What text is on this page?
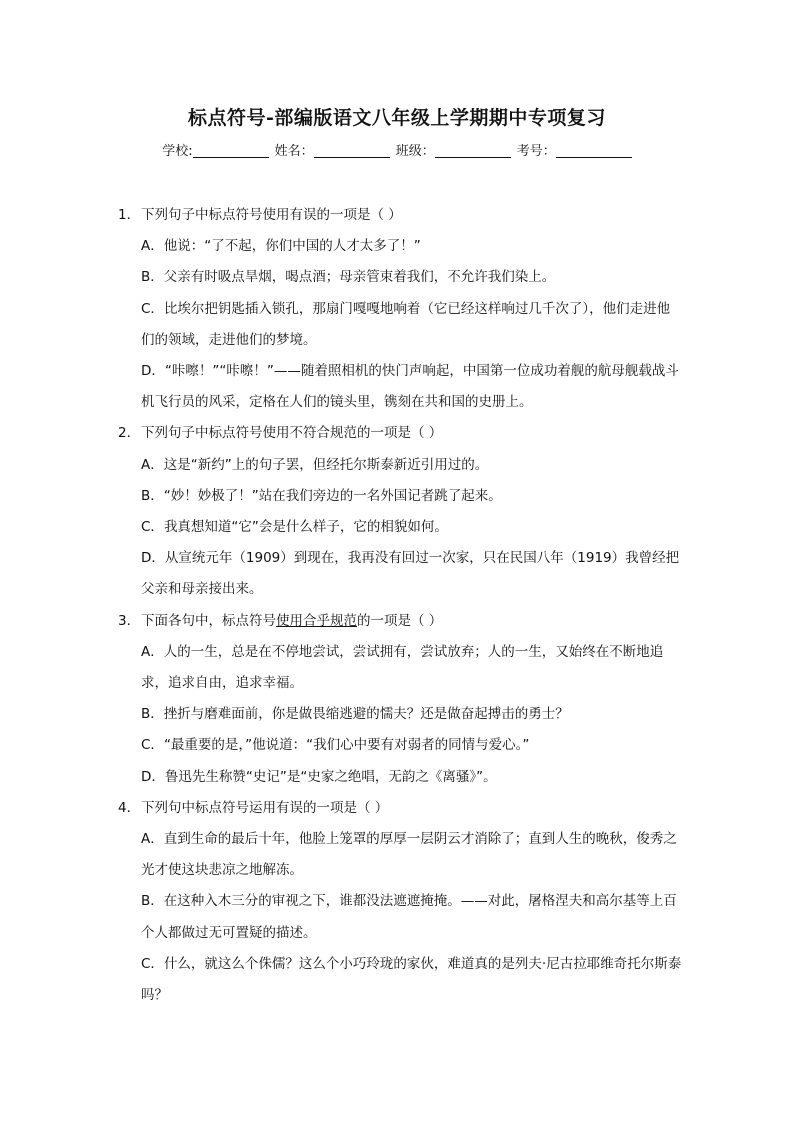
标点符号-部编版语文八年级上学期期中专项复习
学校:	姓名：	班级：	考号：
1． 下列句子中标点符号使用有误的一项是（ ）
A．他说：“了不起，你们中国的人才太多了！”
B．父亲有时吸点旱烟，喝点酒；母亲管束着我们，不允许我们染上。
C．比埃尔把钥匙插入锁孔，那扇门嘎嘎地响着（它已经这样响过几千次了），他们走进他们的领域，走进他们的梦境。
D．“咔嚓！”“咔嚓！”——随着照相机的快门声响起，中国第一位成功着舰的航母舰载战斗机飞行员的风采，定格在人们的镜头里，镌刻在共和国的史册上。
2． 下列句子中标点符号使用不符合规范的一项是（ ）
A．这是“新约”上的句子罢，但经托尔斯泰新近引用过的。
B．“妙！妙极了！”站在我们旁边的一名外国记者跳了起来。
C．我真想知道“它”会是什么样子，它的相貌如何。
D．从宣统元年（1909）到现在，我再没有回过一次家，只在民国八年（1919）我曾经把父亲和母亲接出来。
3． 下面各句中，标点符号使用合乎规范的一项是（ ）
A．人的一生，总是在不停地尝试，尝试拥有，尝试放弃；人的一生，又始终在不断地追求，追求自由，追求幸福。
B．挫折与磨难面前，你是做畏缩逃避的懦夫？还是做奋起搏击的勇士？
C．“最重要的是，”他说道：“我们心中要有对弱者的同情与爱心。”
D．鲁迅先生称赞“史记”是“史家之绝唱，无韵之《离骚》”。
4． 下列句中标点符号运用有误的一项是（ ）
A．直到生命的最后十年，他脸上笼罩的厚厚一层阴云才消除了；直到人生的晚秋，俊秀之光才使这块悲凉之地解冻。
B．在这种入木三分的审视之下，谁都没法遮遮掩掩。——对此，屠格涅夫和高尔基等上百个人都做过无可置疑的描述。
C．什么，就这么个侏儒？这么个小巧玲珑的家伙，难道真的是列夫·尼古拉耶维奇托尔斯泰吗？
